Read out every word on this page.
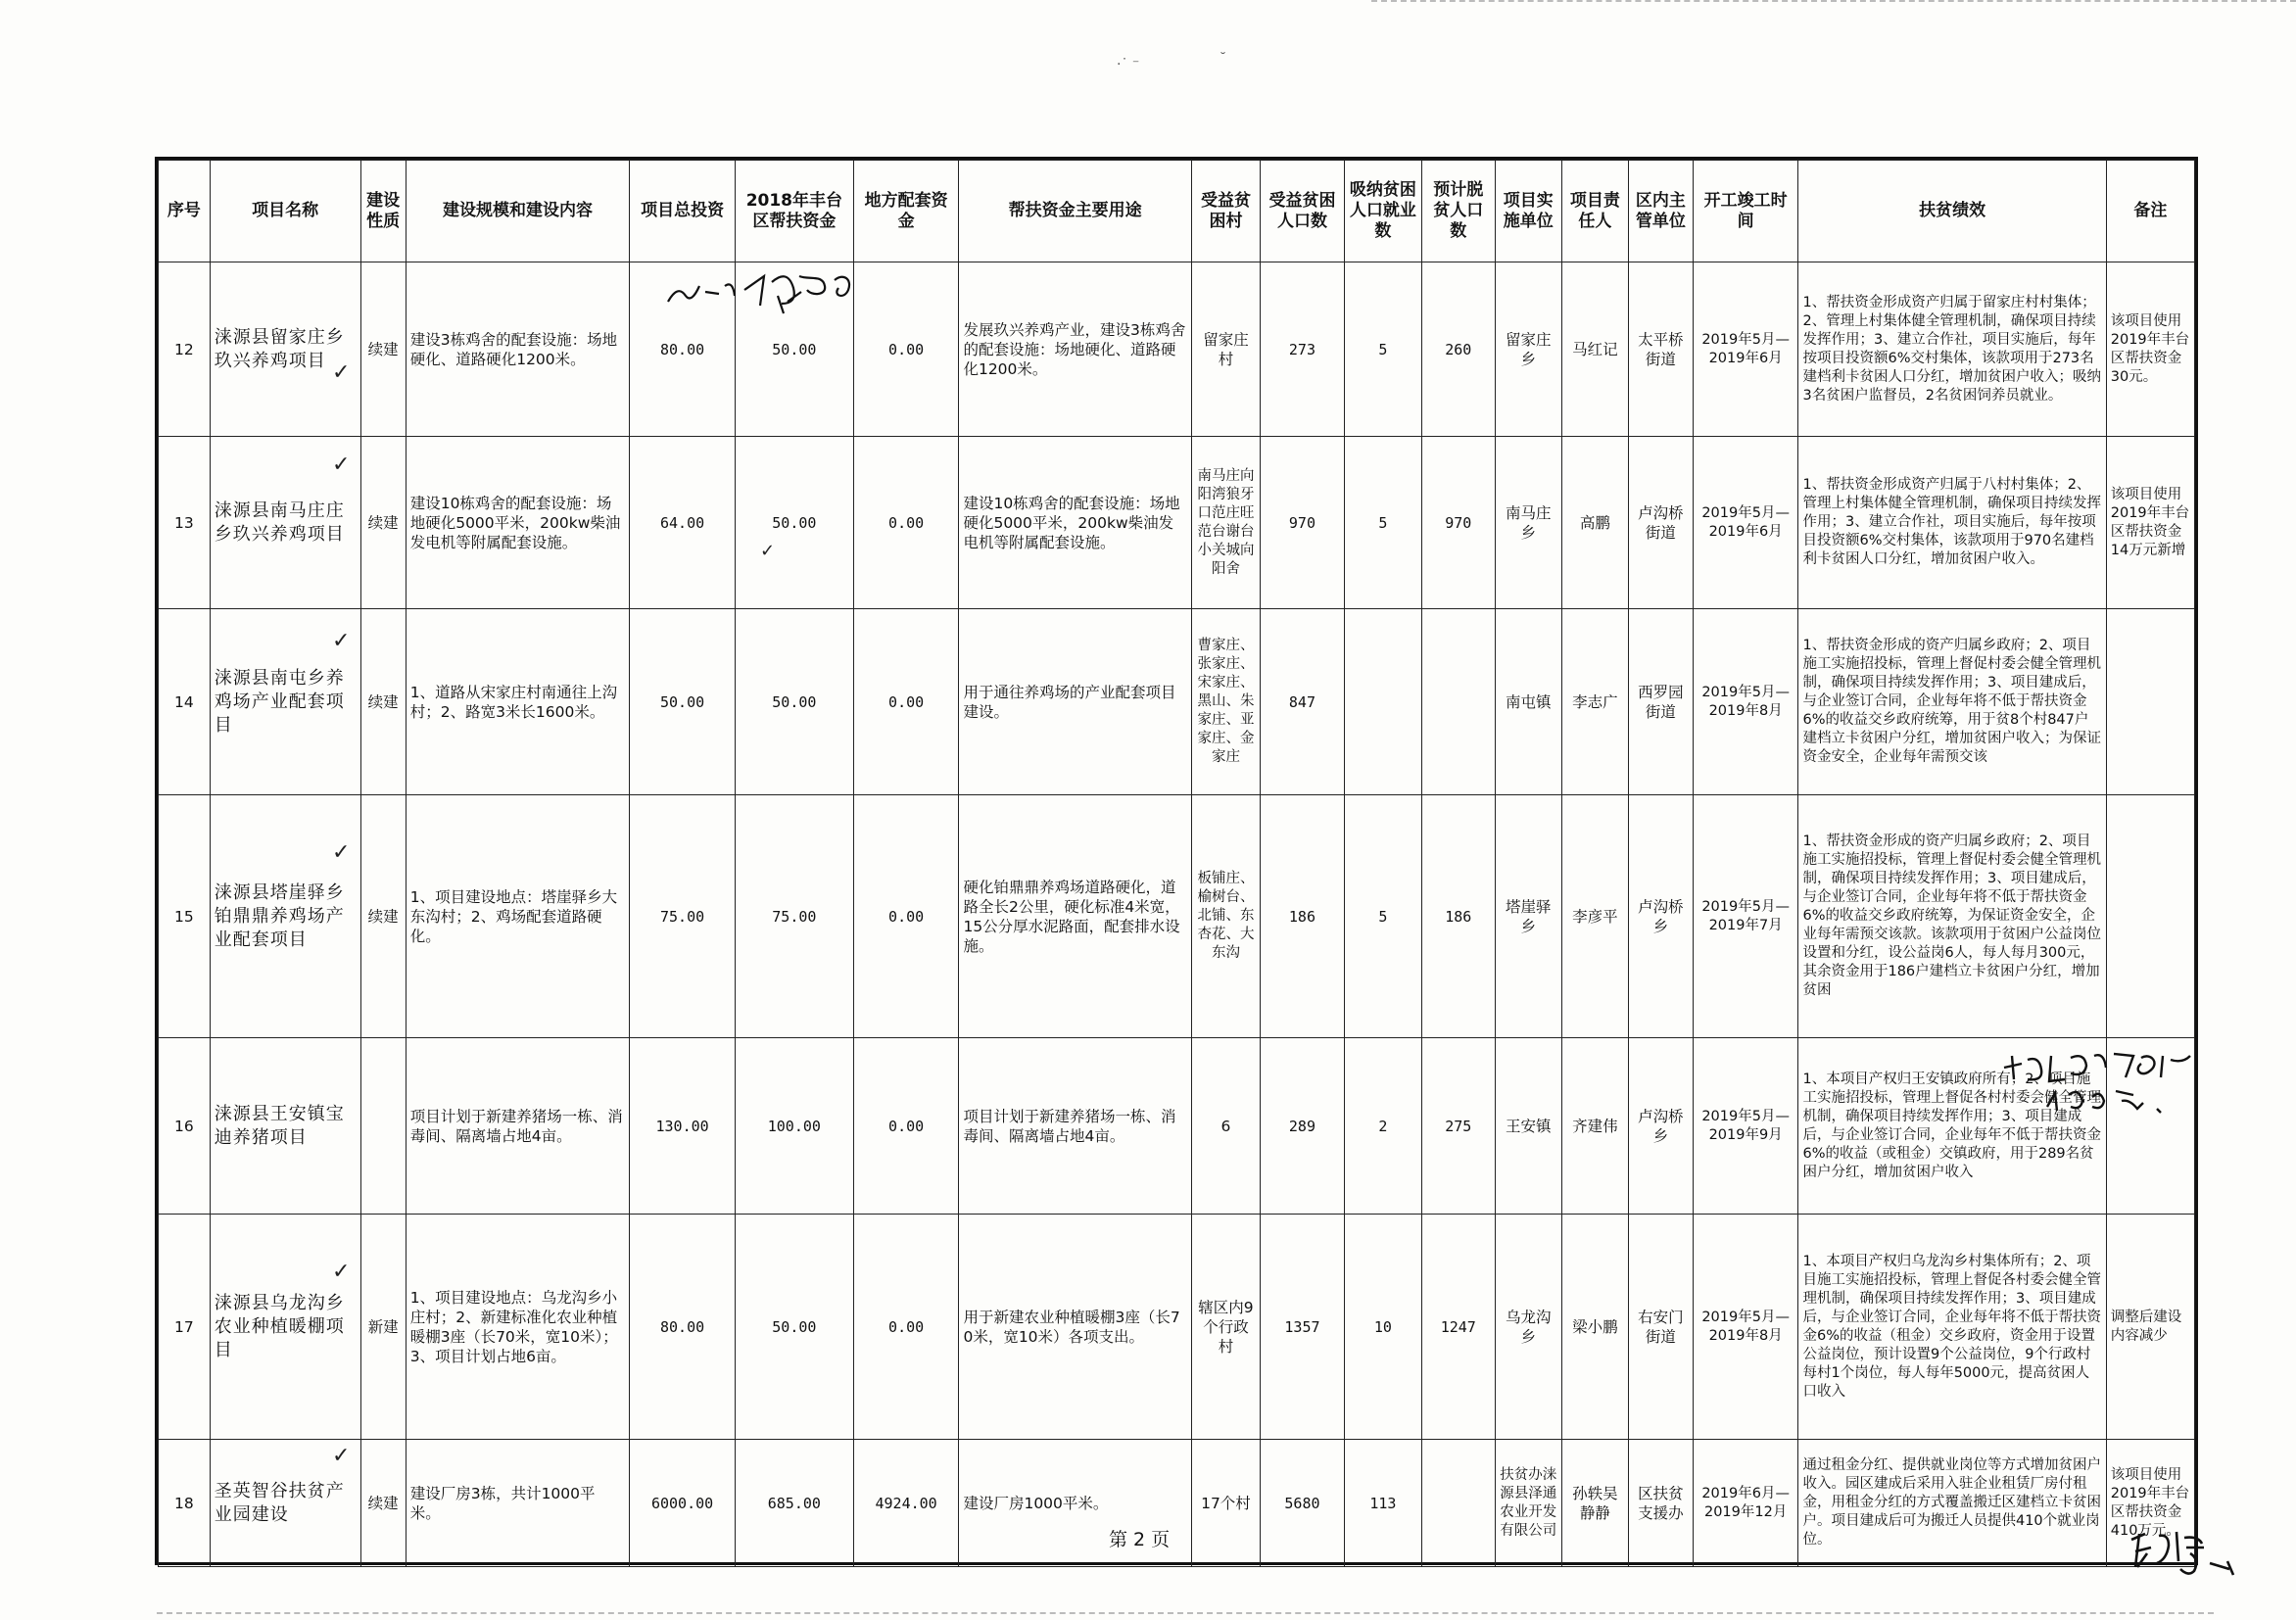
·˙ ⁻	˘
序号	项目名称	建设性质	建设规模和建设内容	项目总投资	2018年丰台区帮扶资金	地方配套资金	帮扶资金主要用途	受益贫困村	受益贫困人口数	吸纳贫困人口就业数	预计脱贫人口数	项目实施单位	项目责任人	区内主管单位	开工竣工时间	扶贫绩效	备注
12	涞源县留家庄乡玖兴养鸡项目	续建	建设3栋鸡舍的配套设施：场地硬化、道路硬化1200米。	80.00	50.00	0.00	发展玖兴养鸡产业，建设3栋鸡舍的配套设施：场地硬化、道路硬化1200米。	留家庄村	273	5	260	留家庄乡	马红记	太平桥街道	2019年5月—2019年6月	1、帮扶资金形成资产归属于留家庄村村集体；2、管理上村集体健全管理机制，确保项目持续发挥作用；3、建立合作社，项目实施后，每年按项目投资额6%交村集体，该款项用于273名建档利卡贫困人口分红，增加贫困户收入；吸纳3名贫困户监督员，2名贫困饲养员就业。	该项目使用2019年丰台区帮扶资金30元。
13	涞源县南马庄庄乡玖兴养鸡项目	续建	建设10栋鸡舍的配套设施：场地硬化5000平米，200kw柴油发电机等附属配套设施。	64.00	50.00	0.00	建设10栋鸡舍的配套设施：场地硬化5000平米，200kw柴油发电机等附属配套设施。	南马庄向阳湾狼牙口范庄旺范台谢台小关城向阳舍	970	5	970	南马庄乡	高鹏	卢沟桥街道	2019年5月—2019年6月	1、帮扶资金形成资产归属于八村村集体；2、管理上村集体健全管理机制，确保项目持续发挥作用；3、建立合作社，项目实施后，每年按项目投资额6%交村集体，该款项用于970名建档利卡贫困人口分红，增加贫困户收入。	该项目使用2019年丰台区帮扶资金14万元新增
14	涞源县南屯乡养鸡场产业配套项目	续建	1、道路从宋家庄村南通往上沟村；2、路宽3米长1600米。	50.00	50.00	0.00	用于通往养鸡场的产业配套项目建设。	曹家庄、张家庄、宋家庄、黑山、朱家庄、亚家庄、金家庄	847			南屯镇	李志广	西罗园街道	2019年5月—2019年8月	1、帮扶资金形成的资产归属乡政府；2、项目施工实施招投标，管理上督促村委会健全管理机制，确保项目持续发挥作用；3、项目建成后，与企业签订合同，企业每年将不低于帮扶资金6%的收益交乡政府统筹，用于贫8个村847户建档立卡贫困户分红，增加贫困户收入；为保证资金安全，企业每年需预交该	

15	涞源县塔崖驿乡铂鼎鼎养鸡场产业配套项目	续建	1、项目建设地点：塔崖驿乡大东沟村；2、鸡场配套道路硬化。	75.00	75.00	0.00	硬化铂鼎鼎养鸡场道路硬化，道路全长2公里，硬化标准4米宽，15公分厚水泥路面，配套排水设施。	板铺庄、榆树台、北铺、东杏花、大东沟	186	5	186	塔崖驿乡	李彦平	卢沟桥乡	2019年5月—2019年7月	1、帮扶资金形成的资产归属乡政府；2、项目施工实施招投标，管理上督促村委会健全管理机制，确保项目持续发挥作用；3、项目建成后，与企业签订合同，企业每年将不低于帮扶资金6%的收益交乡政府统筹，为保证资金安全，企业每年需预交该款。该款项用于贫困户公益岗位设置和分红，设公益岗6人，每人每月300元，其余资金用于186户建档立卡贫困户分红，增加贫困	

16	涞源县王安镇宝迪养猪项目		项目计划于新建养猪场一栋、消毒间、隔离墙占地4亩。	130.00	100.00	0.00	项目计划于新建养猪场一栋、消毒间、隔离墙占地4亩。	6	289	2	275	王安镇	齐建伟	卢沟桥乡	2019年5月—2019年9月	1、本项目产权归王安镇政府所有；2、项目施工实施招投标，管理上督促各村村委会健全管理机制，确保项目持续发挥作用；3、项目建成后，与企业签订合同，企业每年不低于帮扶资金6%的收益（或租金）交镇政府，用于289名贫困户分红，增加贫困户收入	

17	涞源县乌龙沟乡农业种植暖棚项目	新建	1、项目建设地点：乌龙沟乡小庄村；2、新建标准化农业种植暖棚3座（长70米，宽10米）；3、项目计划占地6亩。	80.00	50.00	0.00	用于新建农业种植暖棚3座（长70米，宽10米）各项支出。	辖区内9个行政村	1357	10	1247	乌龙沟乡	梁小鹏	右安门街道	2019年5月—2019年8月	1、本项目产权归乌龙沟乡村集体所有；2、项目施工实施招投标，管理上督促各村委会健全管理机制，确保项目持续发挥作用；3、项目建成后，与企业签订合同，企业每年将不低于帮扶资金6%的收益（租金）交乡政府，资金用于设置公益岗位，预计设置9个公益岗位，9个行政村每村1个岗位，每人每年5000元，提高贫困人口收入	调整后建设内容减少
18	圣英智谷扶贫产业园建设	续建	建设厂房3栋，共计1000平米。	6000.00	685.00	4924.00	建设厂房1000平米。	17个村	5680	113		扶贫办涞源县泽通农业开发有限公司	孙轶吴静静	区扶贫支援办	2019年6月—2019年12月	通过租金分红、提供就业岗位等方式增加贫困户收入。园区建成后采用入驻企业租赁厂房付租金，用租金分红的方式覆盖搬迁区建档立卡贫困户。项目建成后可为搬迁人员提供410个就业岗位。	该项目使用2019年丰台区帮扶资金410万元。
✓
✓
✓
✓
✓
✓
✓
第 2 页
